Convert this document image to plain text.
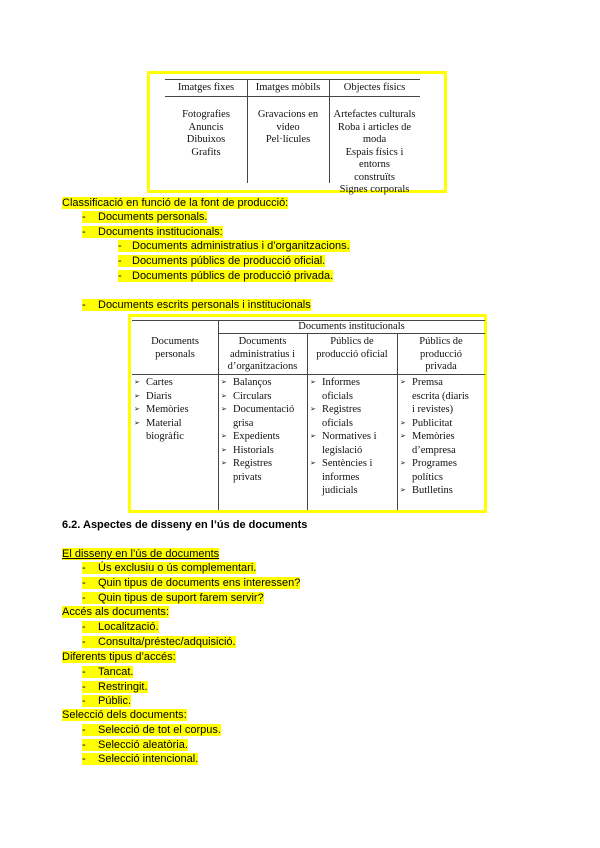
Imatges fixes
Fotografies
Anuncis
Dibuixos
Grafits
Imatges mòbils
Gravacions en
vídeo
Pel·lícules
Objectes físics
Artefactes culturals
Roba i articles de moda
Espais físics i entorns
construïts
Signes corporals
Classificació en funció de la font de producció:
- Documents personals.
- Documents institucionals:
- Documents administratius i d’organitzacions.
- Documents públics de producció oficial.
- Documents públics de producció privada.
- Documents escrits personals i institucionals
Documents institucionals
Documents
personals
Documents
administratius i
d’organitzacions
Públics de
producció oficial
Públics de
producció
privada
➢ Cartes
➢ Diaris
➢ Memòries
➢ Material
biogràfic
➢ Balanços
➢ Circulars
➢ Documentació
grisa
➢ Expedients
➢ Historials
➢ Registres
privats
➢ Informes
oficials
➢ Registres
oficials
➢ Normatives i
legislació
➢ Sentències i
informes
judicials
➢ Premsa
escrita (diaris
i revistes)
➢ Publicitat
➢ Memòries
d’empresa
➢ Programes
polítics
➢ Butlletins
6.2. Aspectes de disseny en l’ús de documents
El disseny en l’ús de documents
- Ús exclusiu o ús complementari.
- Quin tipus de documents ens interessen?
- Quin tipus de suport farem servir?
Accés als documents:
- Localització.
- Consulta/préstec/adquisició.
Diferents tipus d’accés:
- Tancat.
- Restringit.
- Públic.
Selecció dels documents:
- Selecció de tot el corpus.
- Selecció aleatòria.
- Selecció intencional.
